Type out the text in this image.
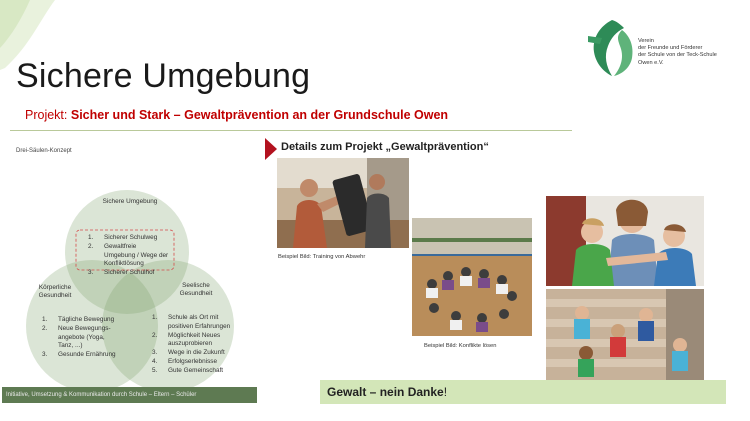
Verein
der Freunde und Förderer
der Schule von der Teck-Schule
Owen e.V.
Sichere Umgebung
Projekt: Sicher und Stark – Gewaltprävention an der Grundschule Owen
Drei-Säulen-Konzept
Sichere Umgebung
1.	Sicherer Schulweg
2.	Gewaltfreie
Umgebung / Wege der
Konfliktlösung
3.	Sicherer Schulhof
Körperliche
Gesundheit
1.	Tägliche Bewegung
2.	Neue Bewegungs-
angebote (Yoga,
Tanz, ...)
3.	Gesunde Ernährung
Seelische
Gesundheit
1.	Schule als Ort mit
positiven Erfahrungen
2.	Möglichkeit Neues
auszuprobieren
3.	Wege in die Zukunft
4.	Erfolgserlebnisse
5.	Gute Gemeinschaft
Initiative, Umsetzung & Kommunikation durch Schule – Eltern – Schüler
Details zum Projekt „Gewaltprävention“
Beispiel Bild: Training von Abwehr
Beispiel Bild: Konflikte lösen
Gewalt – nein Danke!
